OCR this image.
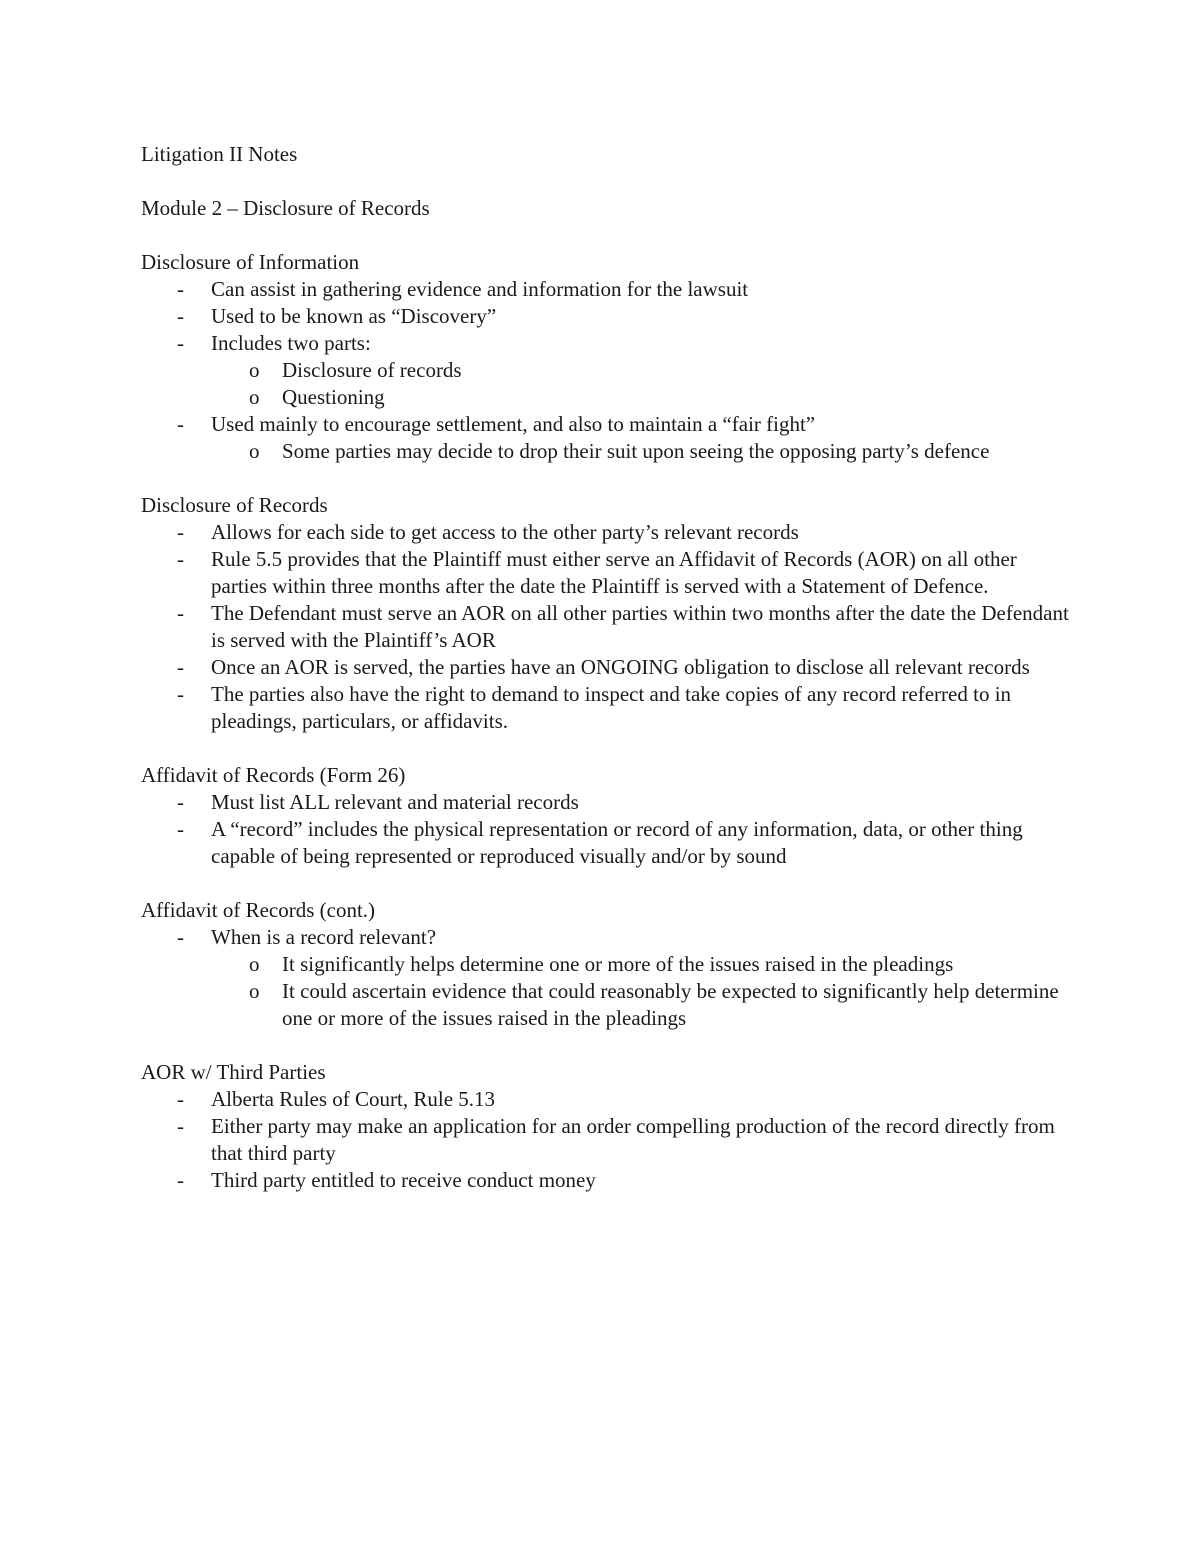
Litigation II Notes

Module 2 – Disclosure of Records

Disclosure of Information

- Can assist in gathering evidence and information for the lawsuit
- Used to be known as “Discovery”
- Includes two parts:
o Disclosure of records
o Questioning
- Used mainly to encourage settlement, and also to maintain a “fair fight”
o Some parties may decide to drop their suit upon seeing the opposing party’s defence

Disclosure of Records

- Allows for each side to get access to the other party’s relevant records
- Rule 5.5 provides that the Plaintiff must either serve an Affidavit of Records (AOR) on all other parties within three months after the date the Plaintiff is served with a Statement of Defence.
- The Defendant must serve an AOR on all other parties within two months after the date the Defendant is served with the Plaintiff’s AOR
- Once an AOR is served, the parties have an ONGOING obligation to disclose all relevant records
- The parties also have the right to demand to inspect and take copies of any record referred to in pleadings, particulars, or affidavits.

Affidavit of Records (Form 26)

- Must list ALL relevant and material records
- A “record” includes the physical representation or record of any information, data, or other thing capable of being represented or reproduced visually and/or by sound

Affidavit of Records (cont.)

- When is a record relevant?
o It significantly helps determine one or more of the issues raised in the pleadings
o It could ascertain evidence that could reasonably be expected to significantly help determine one or more of the issues raised in the pleadings

AOR w/ Third Parties

- Alberta Rules of Court, Rule 5.13
- Either party may make an application for an order compelling production of the record directly from that third party
- Third party entitled to receive conduct money
